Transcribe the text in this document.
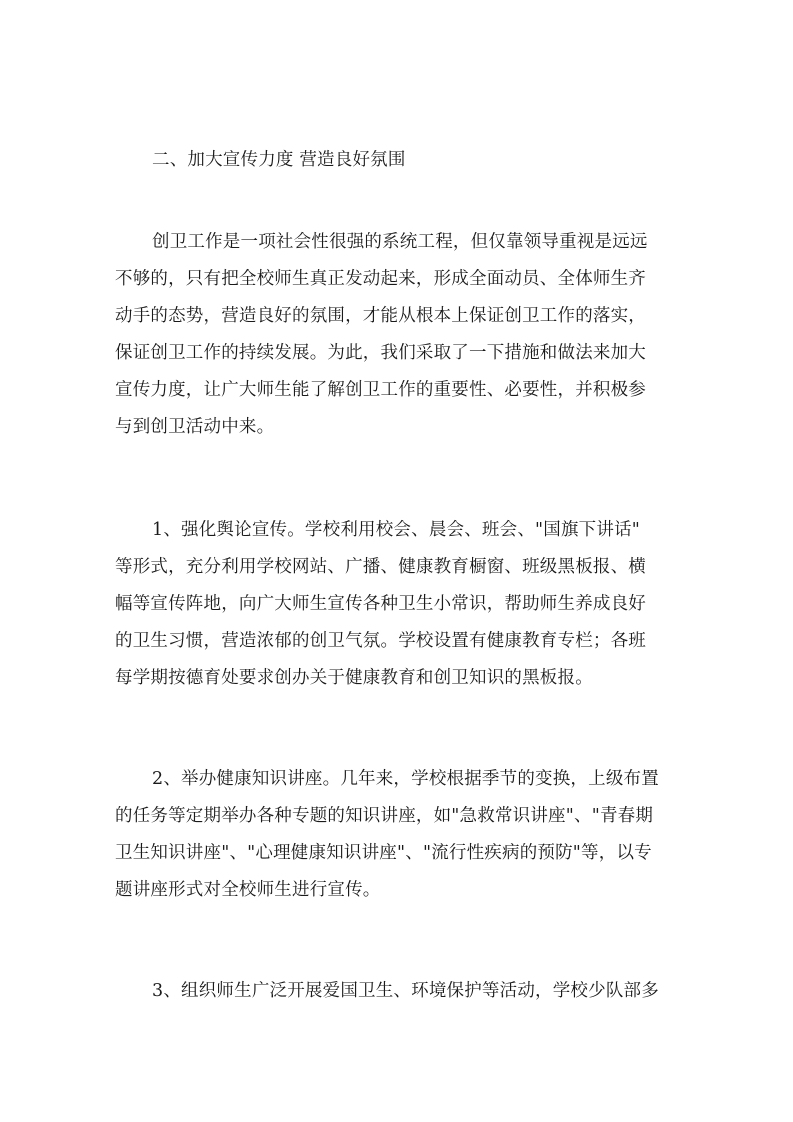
二、加大宣传力度 营造良好氛围
创卫工作是一项社会性很强的系统工程，但仅靠领导重视是远远
不够的，只有把全校师生真正发动起来，形成全面动员、全体师生齐
动手的态势，营造良好的氛围，才能从根本上保证创卫工作的落实，
保证创卫工作的持续发展。为此，我们采取了一下措施和做法来加大
宣传力度，让广大师生能了解创卫工作的重要性、必要性，并积极参
与到创卫活动中来。
1、强化舆论宣传。学校利用校会、晨会、班会、"国旗下讲话"
等形式，充分利用学校网站、广播、健康教育橱窗、班级黑板报、横
幅等宣传阵地，向广大师生宣传各种卫生小常识，帮助师生养成良好
的卫生习惯，营造浓郁的创卫气氛。学校设置有健康教育专栏；各班
每学期按德育处要求创办关于健康教育和创卫知识的黑板报。
2、举办健康知识讲座。几年来，学校根据季节的变换，上级布置
的任务等定期举办各种专题的知识讲座，如"急救常识讲座"、"青春期
卫生知识讲座"、"心理健康知识讲座"、"流行性疾病的预防"等，以专
题讲座形式对全校师生进行宣传。
3、组织师生广泛开展爱国卫生、环境保护等活动，学校少队部多
